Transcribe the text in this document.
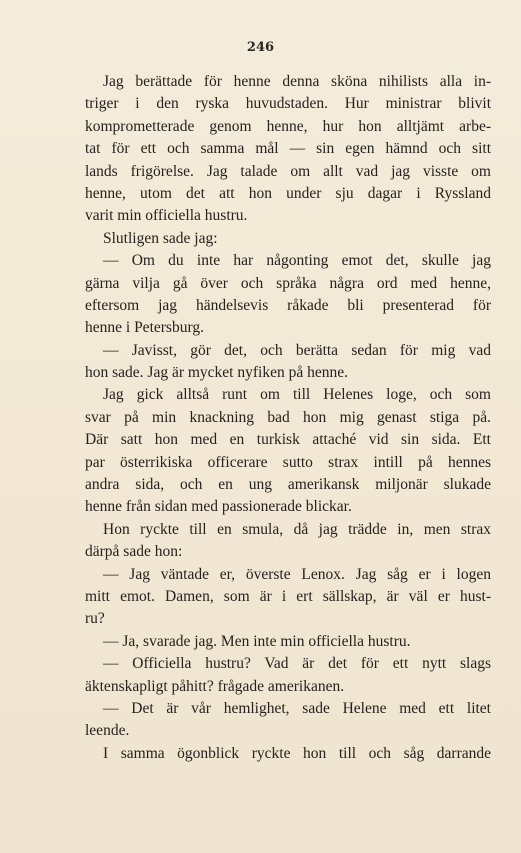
246
Jag berättade för henne denna sköna nihilists alla in-
triger i den ryska huvudstaden. Hur ministrar blivit
komprometterade genom henne, hur hon alltjämt arbe-
tat för ett och samma mål — sin egen hämnd och sitt
lands frigörelse. Jag talade om allt vad jag visste om
henne, utom det att hon under sju dagar i Ryssland
varit min officiella hustru.
Slutligen sade jag:
— Om du inte har någonting emot det, skulle jag
gärna vilja gå över och språka några ord med henne,
eftersom jag händelsevis råkade bli presenterad för
henne i Petersburg.
— Javisst, gör det, och berätta sedan för mig vad
hon sade. Jag är mycket nyfiken på henne.
Jag gick alltså runt om till Helenes loge, och som
svar på min knackning bad hon mig genast stiga på.
Där satt hon med en turkisk attaché vid sin sida. Ett
par österrikiska officerare sutto strax intill på hennes
andra sida, och en ung amerikansk miljonär slukade
henne från sidan med passionerade blickar.
Hon ryckte till en smula, då jag trädde in, men strax
därpå sade hon:
— Jag väntade er, överste Lenox. Jag såg er i logen
mitt emot. Damen, som är i ert sällskap, är väl er hust-
ru?
— Ja, svarade jag. Men inte min officiella hustru.
— Officiella hustru? Vad är det för ett nytt slags
äktenskapligt påhitt? frågade amerikanen.
— Det är vår hemlighet, sade Helene med ett litet
leende.
I samma ögonblick ryckte hon till och såg darrande
